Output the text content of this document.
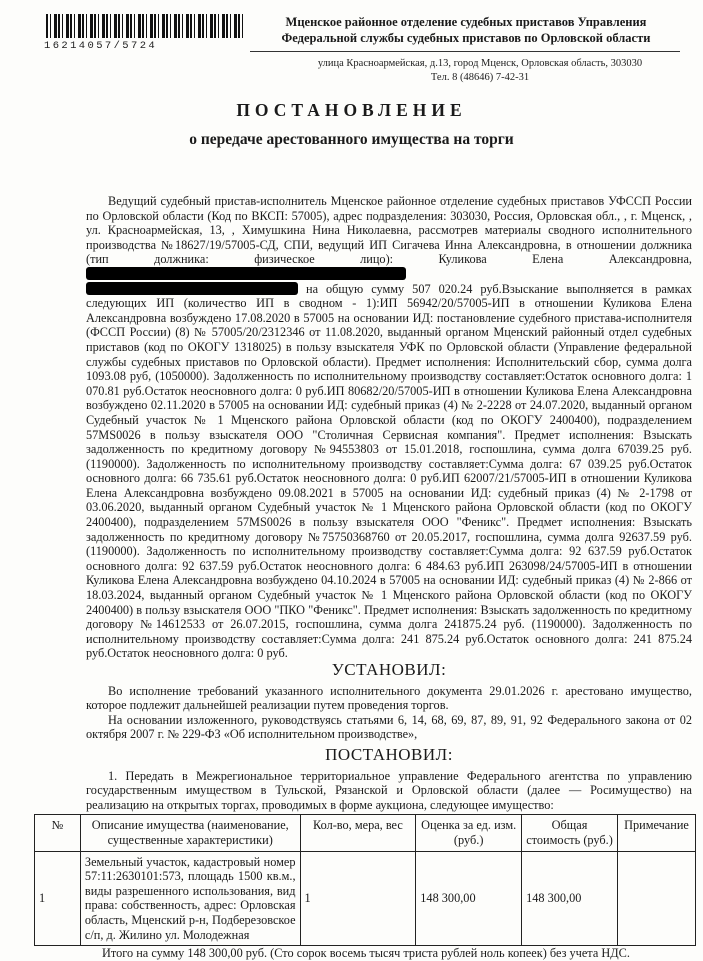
16214057/5724
Мценское районное отделение судебных приставов Управления Федеральной службы судебных приставов по Орловской области
улица Красноармейская, д.13, город Мценск, Орловская область, 303030
Тел. 8 (48646) 7-42-31
ПОСТАНОВЛЕНИЕ
о передаче арестованного имущества на торги

Ведущий судебный пристав-исполнитель Мценское районное отделение судебных приставов УФССП России по Орловской области (Код по ВКСП: 57005), адрес подразделения: 303030, Россия, Орловская обл., , г. Мценск, , ул. Красноармейская, 13, , Химушкина Нина Николаевна, рассмотрев материалы сводного исполнительного производства №18627/19/57005-СД, СПИ, ведущий ИП Сигачева Инна Александровна, в отношении должника (тип должника: физическое лицо): Куликова Елена Александровна,
на общую сумму 507 020.24 руб.Взыскание выполняется в рамках следующих ИП (количество ИП в сводном - 1):ИП 56942/20/57005-ИП в отношении Куликова Елена Александровна возбуждено 17.08.2020 в 57005 на основании ИД: постановление судебного пристава-исполнителя (ФССП России) (8) № 57005/20/2312346 от 11.08.2020, выданный органом Мценский районный отдел судебных приставов (код по ОКОГУ 1318025) в пользу взыскателя УФК по Орловской области (Управление федеральной службы судебных приставов по Орловской области). Предмет исполнения: Исполнительский сбор, сумма долга 1093.08 руб, (1050000). Задолженность по исполнительному производству составляет:Остаток основного долга: 1 070.81 руб.Остаток неосновного долга: 0 руб.ИП 80682/20/57005-ИП в отношении Куликова Елена Александровна возбуждено 02.11.2020 в 57005 на основании ИД: судебный приказ (4) № 2-2228 от 24.07.2020, выданный органом Судебный участок № 1 Мценского района Орловской области (код по ОКОГУ 2400400), подразделением 57MS0026 в пользу взыскателя ООО "Столичная Сервисная компания". Предмет исполнения: Взыскать задолженность по кредитному договору №94553803 от 15.01.2018, госпошлина, сумма долга 67039.25 руб. (1190000). Задолженность по исполнительному производству составляет:Сумма долга: 67 039.25 руб.Остаток основного долга: 66 735.61 руб.Остаток неосновного долга: 0 руб.ИП 62007/21/57005-ИП в отношении Куликова Елена Александровна возбуждено 09.08.2021 в 57005 на основании ИД: судебный приказ (4) № 2-1798 от 03.06.2020, выданный органом Судебный участок № 1 Мценского района Орловской области (код по ОКОГУ 2400400), подразделением 57MS0026 в пользу взыскателя ООО "Феникс". Предмет исполнения: Взыскать задолженность по кредитному договору №75750368760 от 20.05.2017, госпошлина, сумма долга 92637.59 руб. (1190000). Задолженность по исполнительному производству составляет:Сумма долга: 92 637.59 руб.Остаток основного долга: 92 637.59 руб.Остаток неосновного долга: 6 484.63 руб.ИП 263098/24/57005-ИП в отношении Куликова Елена Александровна возбуждено 04.10.2024 в 57005 на основании ИД: судебный приказ (4) № 2-866 от 18.03.2024, выданный органом Судебный участок № 1 Мценского района Орловской области (код по ОКОГУ 2400400) в пользу взыскателя ООО "ПКО "Феникс". Предмет исполнения: Взыскать задолженность по кредитному договору №14612533 от 26.07.2015, госпошлина, сумма долга 241875.24 руб. (1190000). Задолженность по исполнительному производству составляет:Сумма долга: 241 875.24 руб.Остаток основного долга: 241 875.24 руб.Остаток неосновного долга: 0 руб.

УСТАНОВИЛ:

Во исполнение требований указанного исполнительного документа 29.01.2026 г. арестовано имущество, которое подлежит дальнейшей реализации путем проведения торгов.

На основании изложенного, руководствуясь статьями 6, 14, 68, 69, 87, 89, 91, 92 Федерального закона от 02 октября 2007 г. № 229-ФЗ «Об исполнительном производстве»,

ПОСТАНОВИЛ:

1. Передать в Межрегиональное территориальное управление Федерального агентства по управлению государственным имуществом в Тульской, Рязанской и Орловской области (далее — Росимущество) на реализацию на открытых торгах, проводимых в форме аукциона, следующее имущество:

№	Описание имущества (наименование, существенные характеристики)	Кол-во, мера, вес	Оценка за ед. изм. (руб.)	Общая стоимость (руб.)	Примечание
1	Земельный участок, кадастровый номер 57:11:2630101:573, площадь 1500 кв.м., виды разрешенного использования, вид права: собственность, адрес: Орловская область, Мценский р-н, Подберезовское с/п, д. Жилино ул. Молодежная	1	148 300,00	148 300,00	

Итого на сумму 148 300,00 руб. (Сто сорок восемь тысяч триста рублей ноль копеек) без учета НДС.
